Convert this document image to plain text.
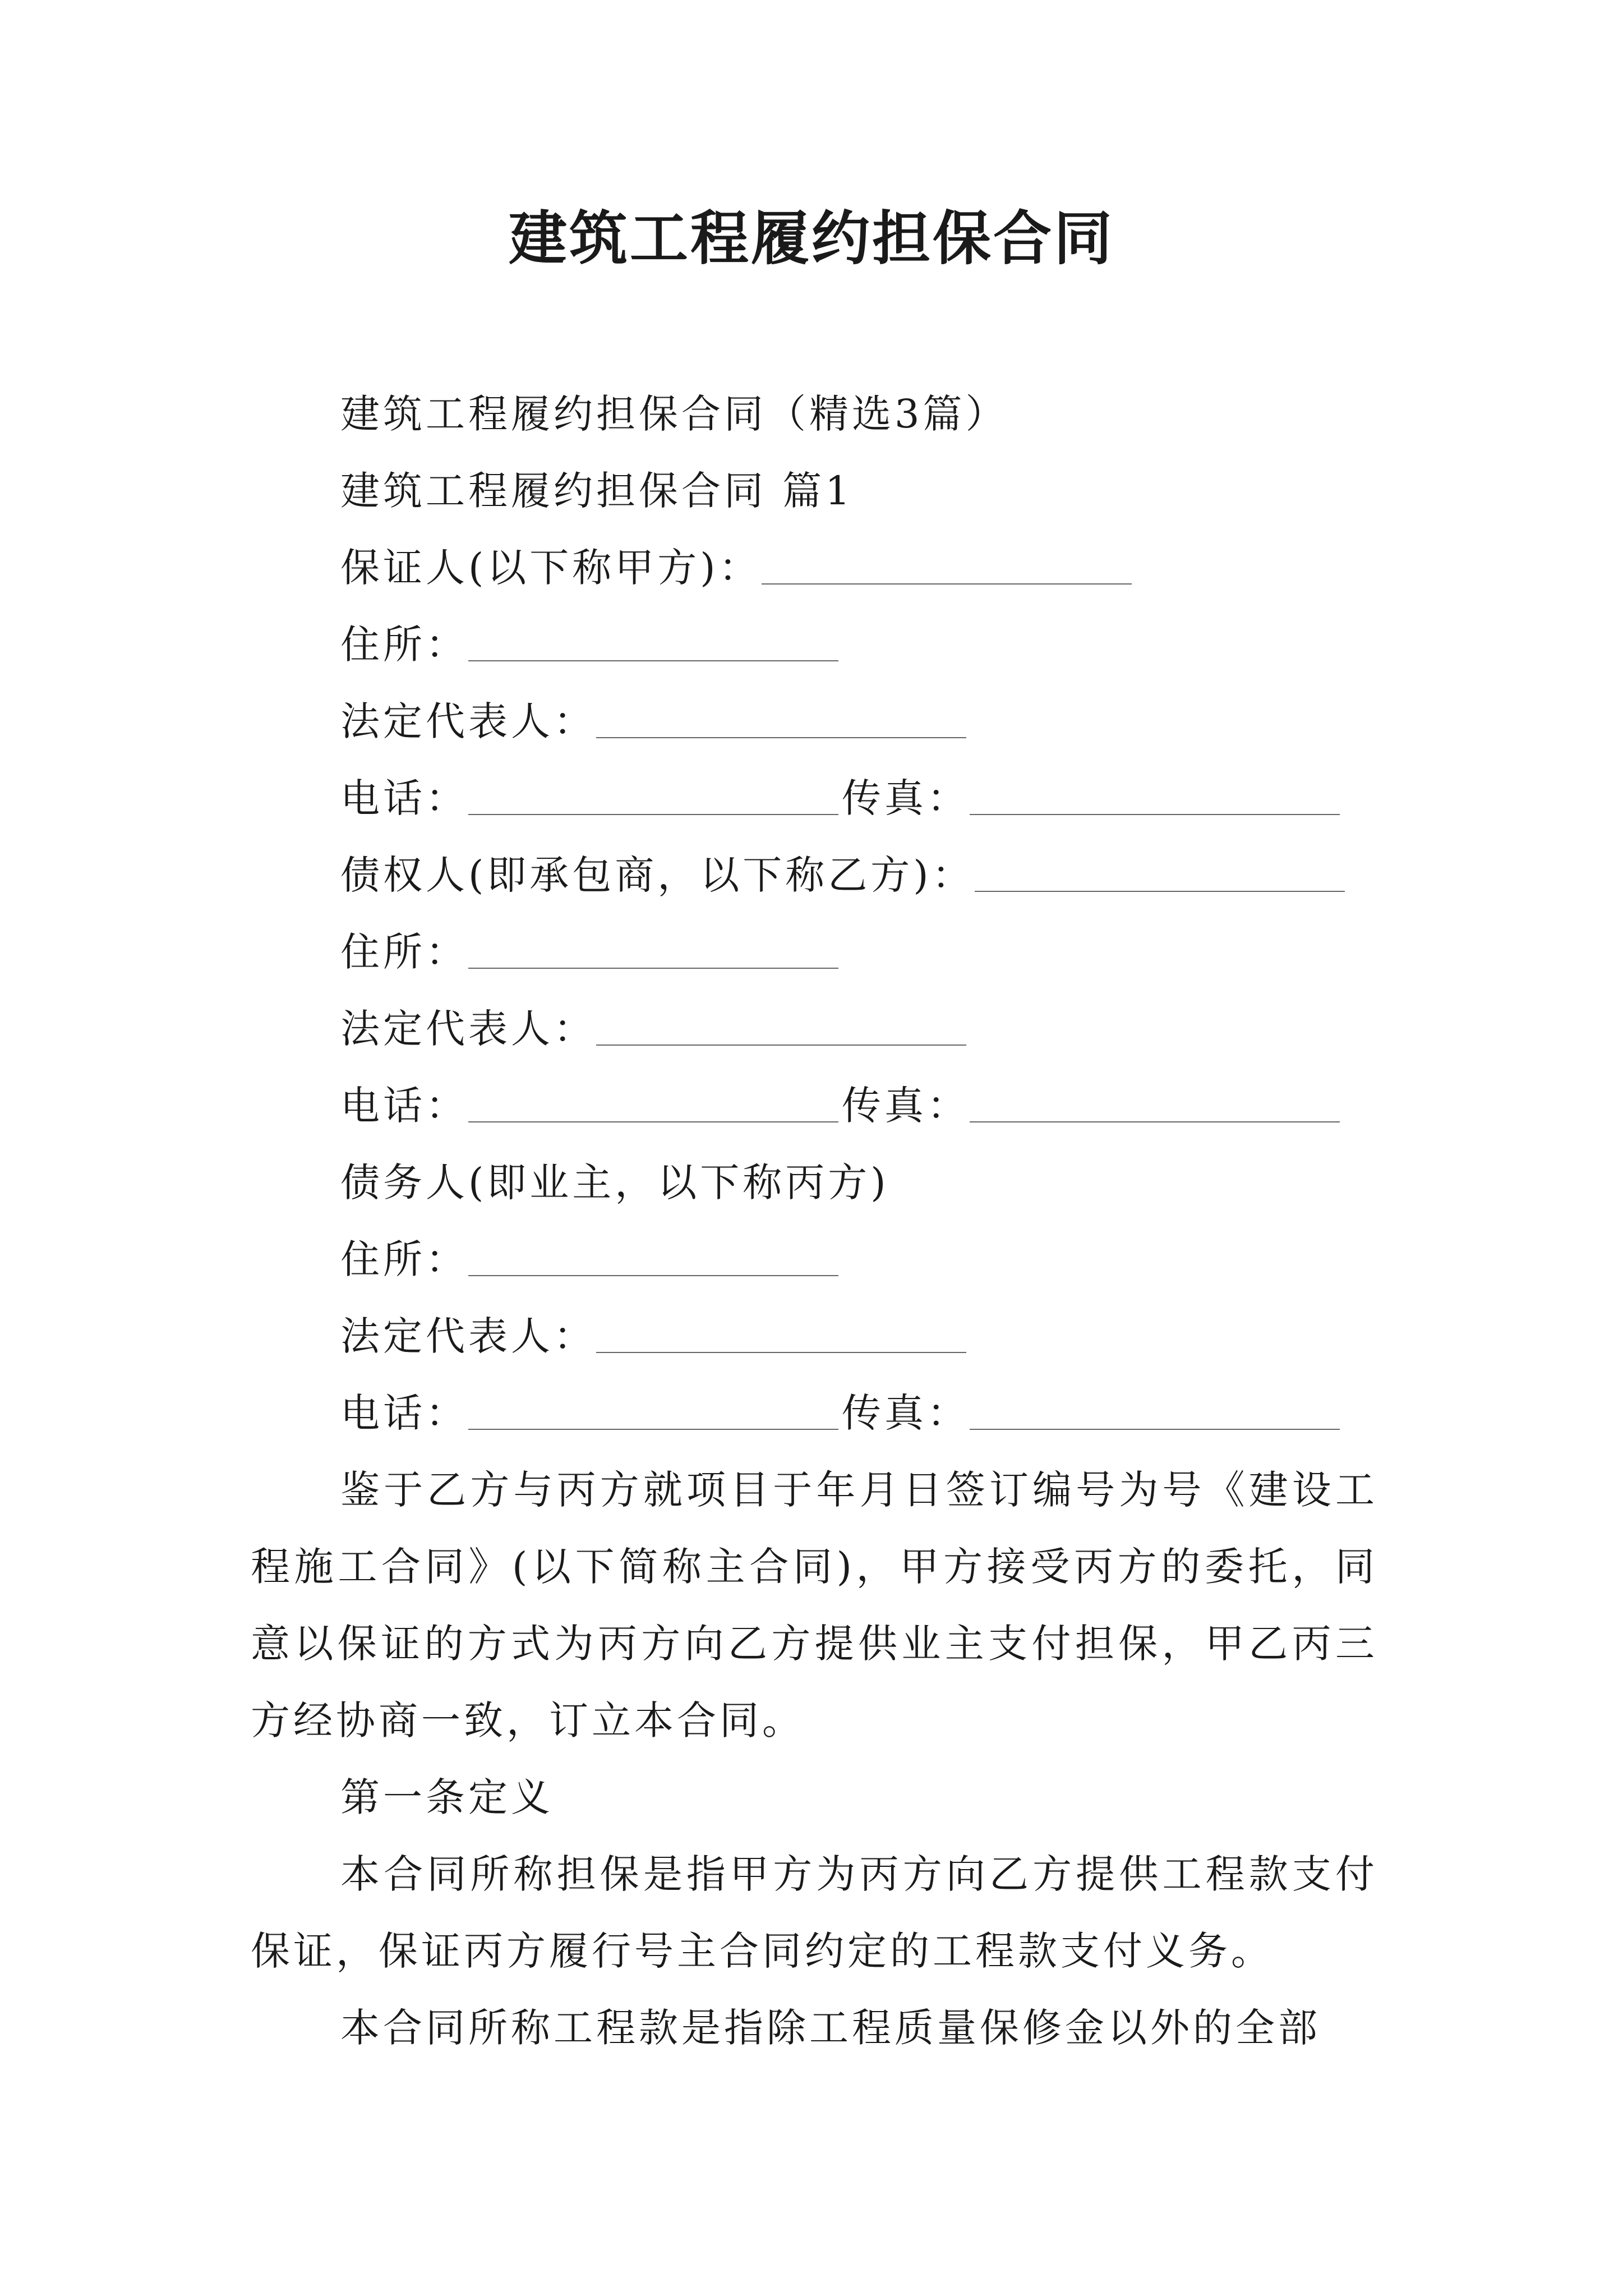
建筑工程履约担保合同
建筑工程履约担保合同（精选3篇）
建筑工程履约担保合同 篇1
保证人(以下称甲方)：
住所：
法定代表人：
电话：	传真：
债权人(即承包商，以下称乙方)：
住所：
法定代表人：
电话：	传真：
债务人(即业主，以下称丙方)
住所：
法定代表人：
电话：	传真：

鉴于乙方与丙方就项目于年月日签订编号为号《建设工程施工合同》(以下简称主合同)，甲方接受丙方的委托，同意以保证的方式为丙方向乙方提供业主支付担保，甲乙丙三方经协商一致，订立本合同。

第一条定义

本合同所称担保是指甲方为丙方向乙方提供工程款支付保证，保证丙方履行号主合同约定的工程款支付义务。

本合同所称工程款是指除工程质量保修金以外的全部
